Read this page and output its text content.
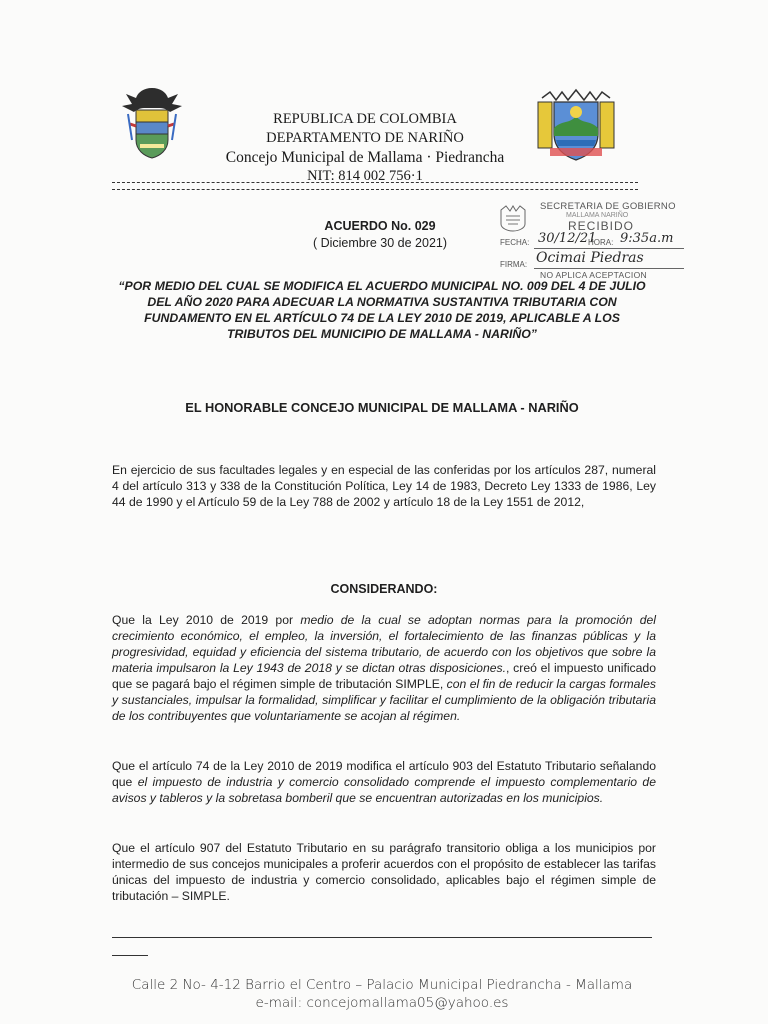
REPUBLICA DE COLOMBIA
DEPARTAMENTO DE NARIÑO
Concejo Municipal de Mallama · Piedrancha
NIT: 814 002 756·1
ACUERDO No. 029
( Diciembre 30 de 2021)
SECRETARIA DE GOBIERNO
MALLAMA NARIÑO
RECIBIDO
FECHA: 30/12/21
HORA: 9:35a.m
FIRMA: Ocimai Piedras
NO APLICA ACEPTACION
“POR MEDIO DEL CUAL SE MODIFICA EL ACUERDO MUNICIPAL NO. 009 DEL 4 DE JULIO DEL AÑO 2020 PARA ADECUAR LA NORMATIVA SUSTANTIVA TRIBUTARIA CON FUNDAMENTO EN EL ARTÍCULO 74 DE LA LEY 2010 DE 2019, APLICABLE A LOS TRIBUTOS DEL MUNICIPIO DE MALLAMA - NARIÑO”
EL HONORABLE CONCEJO MUNICIPAL DE MALLAMA - NARIÑO
En ejercicio de sus facultades legales y en especial de las conferidas por los artículos 287, numeral 4 del artículo 313 y 338 de la Constitución Política, Ley 14 de 1983, Decreto Ley 1333 de 1986, Ley 44 de 1990 y el Artículo 59 de la Ley 788 de 2002 y artículo 18 de la Ley 1551 de 2012,
CONSIDERANDO:
Que la Ley 2010 de 2019 por medio de la cual se adoptan normas para la promoción del crecimiento económico, el empleo, la inversión, el fortalecimiento de las finanzas públicas y la progresividad, equidad y eficiencia del sistema tributario, de acuerdo con los objetivos que sobre la materia impulsaron la Ley 1943 de 2018 y se dictan otras disposiciones., creó el impuesto unificado que se pagará bajo el régimen simple de tributación SIMPLE, con el fin de reducir la cargas formales y sustanciales, impulsar la formalidad, simplificar y facilitar el cumplimiento de la obligación tributaria de los contribuyentes que voluntariamente se acojan al régimen.
Que el artículo 74 de la Ley 2010 de 2019 modifica el artículo 903 del Estatuto Tributario señalando que el impuesto de industria y comercio consolidado comprende el impuesto complementario de avisos y tableros y la sobretasa bomberil que se encuentran autorizadas en los municipios.
Que el artículo 907 del Estatuto Tributario en su parágrafo transitorio obliga a los municipios por intermedio de sus concejos municipales a proferir acuerdos con el propósito de establecer las tarifas únicas del impuesto de industria y comercio consolidado, aplicables bajo el régimen simple de tributación – SIMPLE.
Calle 2 No- 4-12 Barrio el Centro – Palacio Municipal Piedrancha - Mallama
e-mail: concejomallama05@yahoo.es
